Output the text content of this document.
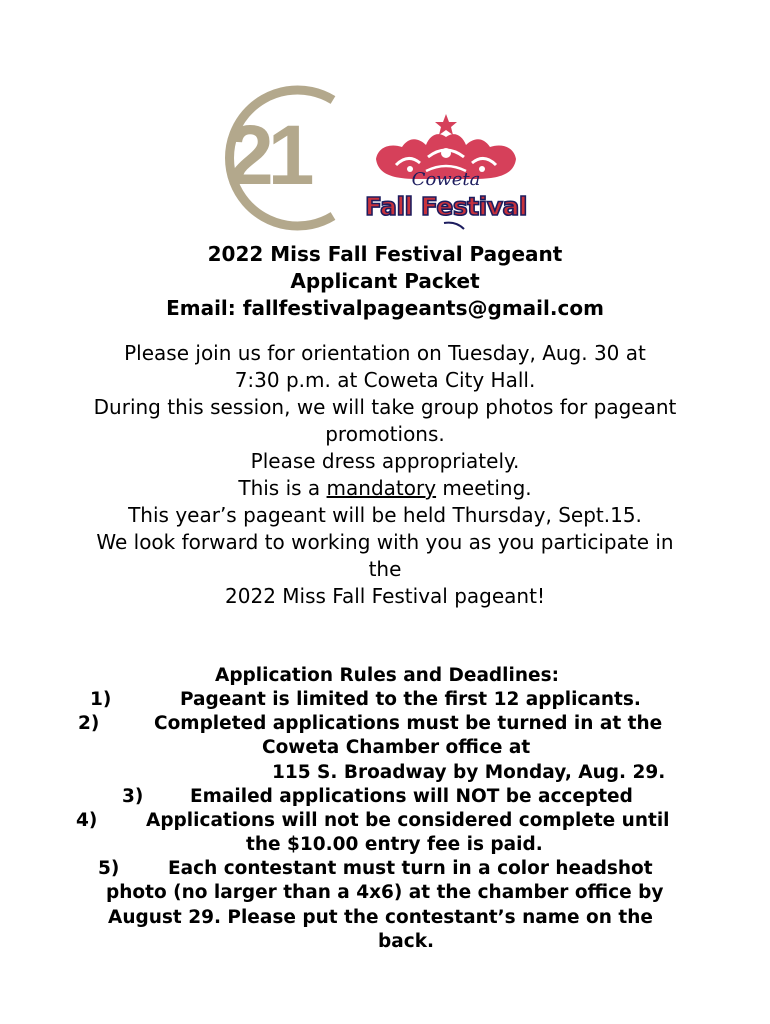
21	Coweta
Fall Festival
2022 Miss Fall Festival Pageant
Applicant Packet
Email: fallfestivalpageants@gmail.com
Please join us for orientation on Tuesday, Aug. 30 at
7:30 p.m. at Coweta City Hall.
During this session, we will take group photos for pageant
promotions.
Please dress appropriately.
This is a mandatory meeting.
This year’s pageant will be held Thursday, Sept.15.
We look forward to working with you as you participate in
the
2022 Miss Fall Festival pageant!
Application Rules and Deadlines:
1)	Pageant is limited to the first 12 applicants.
2)	Completed applications must be turned in at the
Coweta Chamber office at
115 S. Broadway by Monday, Aug. 29.
3)	Emailed applications will NOT be accepted
4)	Applications will not be considered complete until
the $10.00 entry fee is paid.
5)	Each contestant must turn in a color headshot
photo (no larger than a 4x6) at the chamber office by
August 29. Please put the contestant’s name on the
back.
